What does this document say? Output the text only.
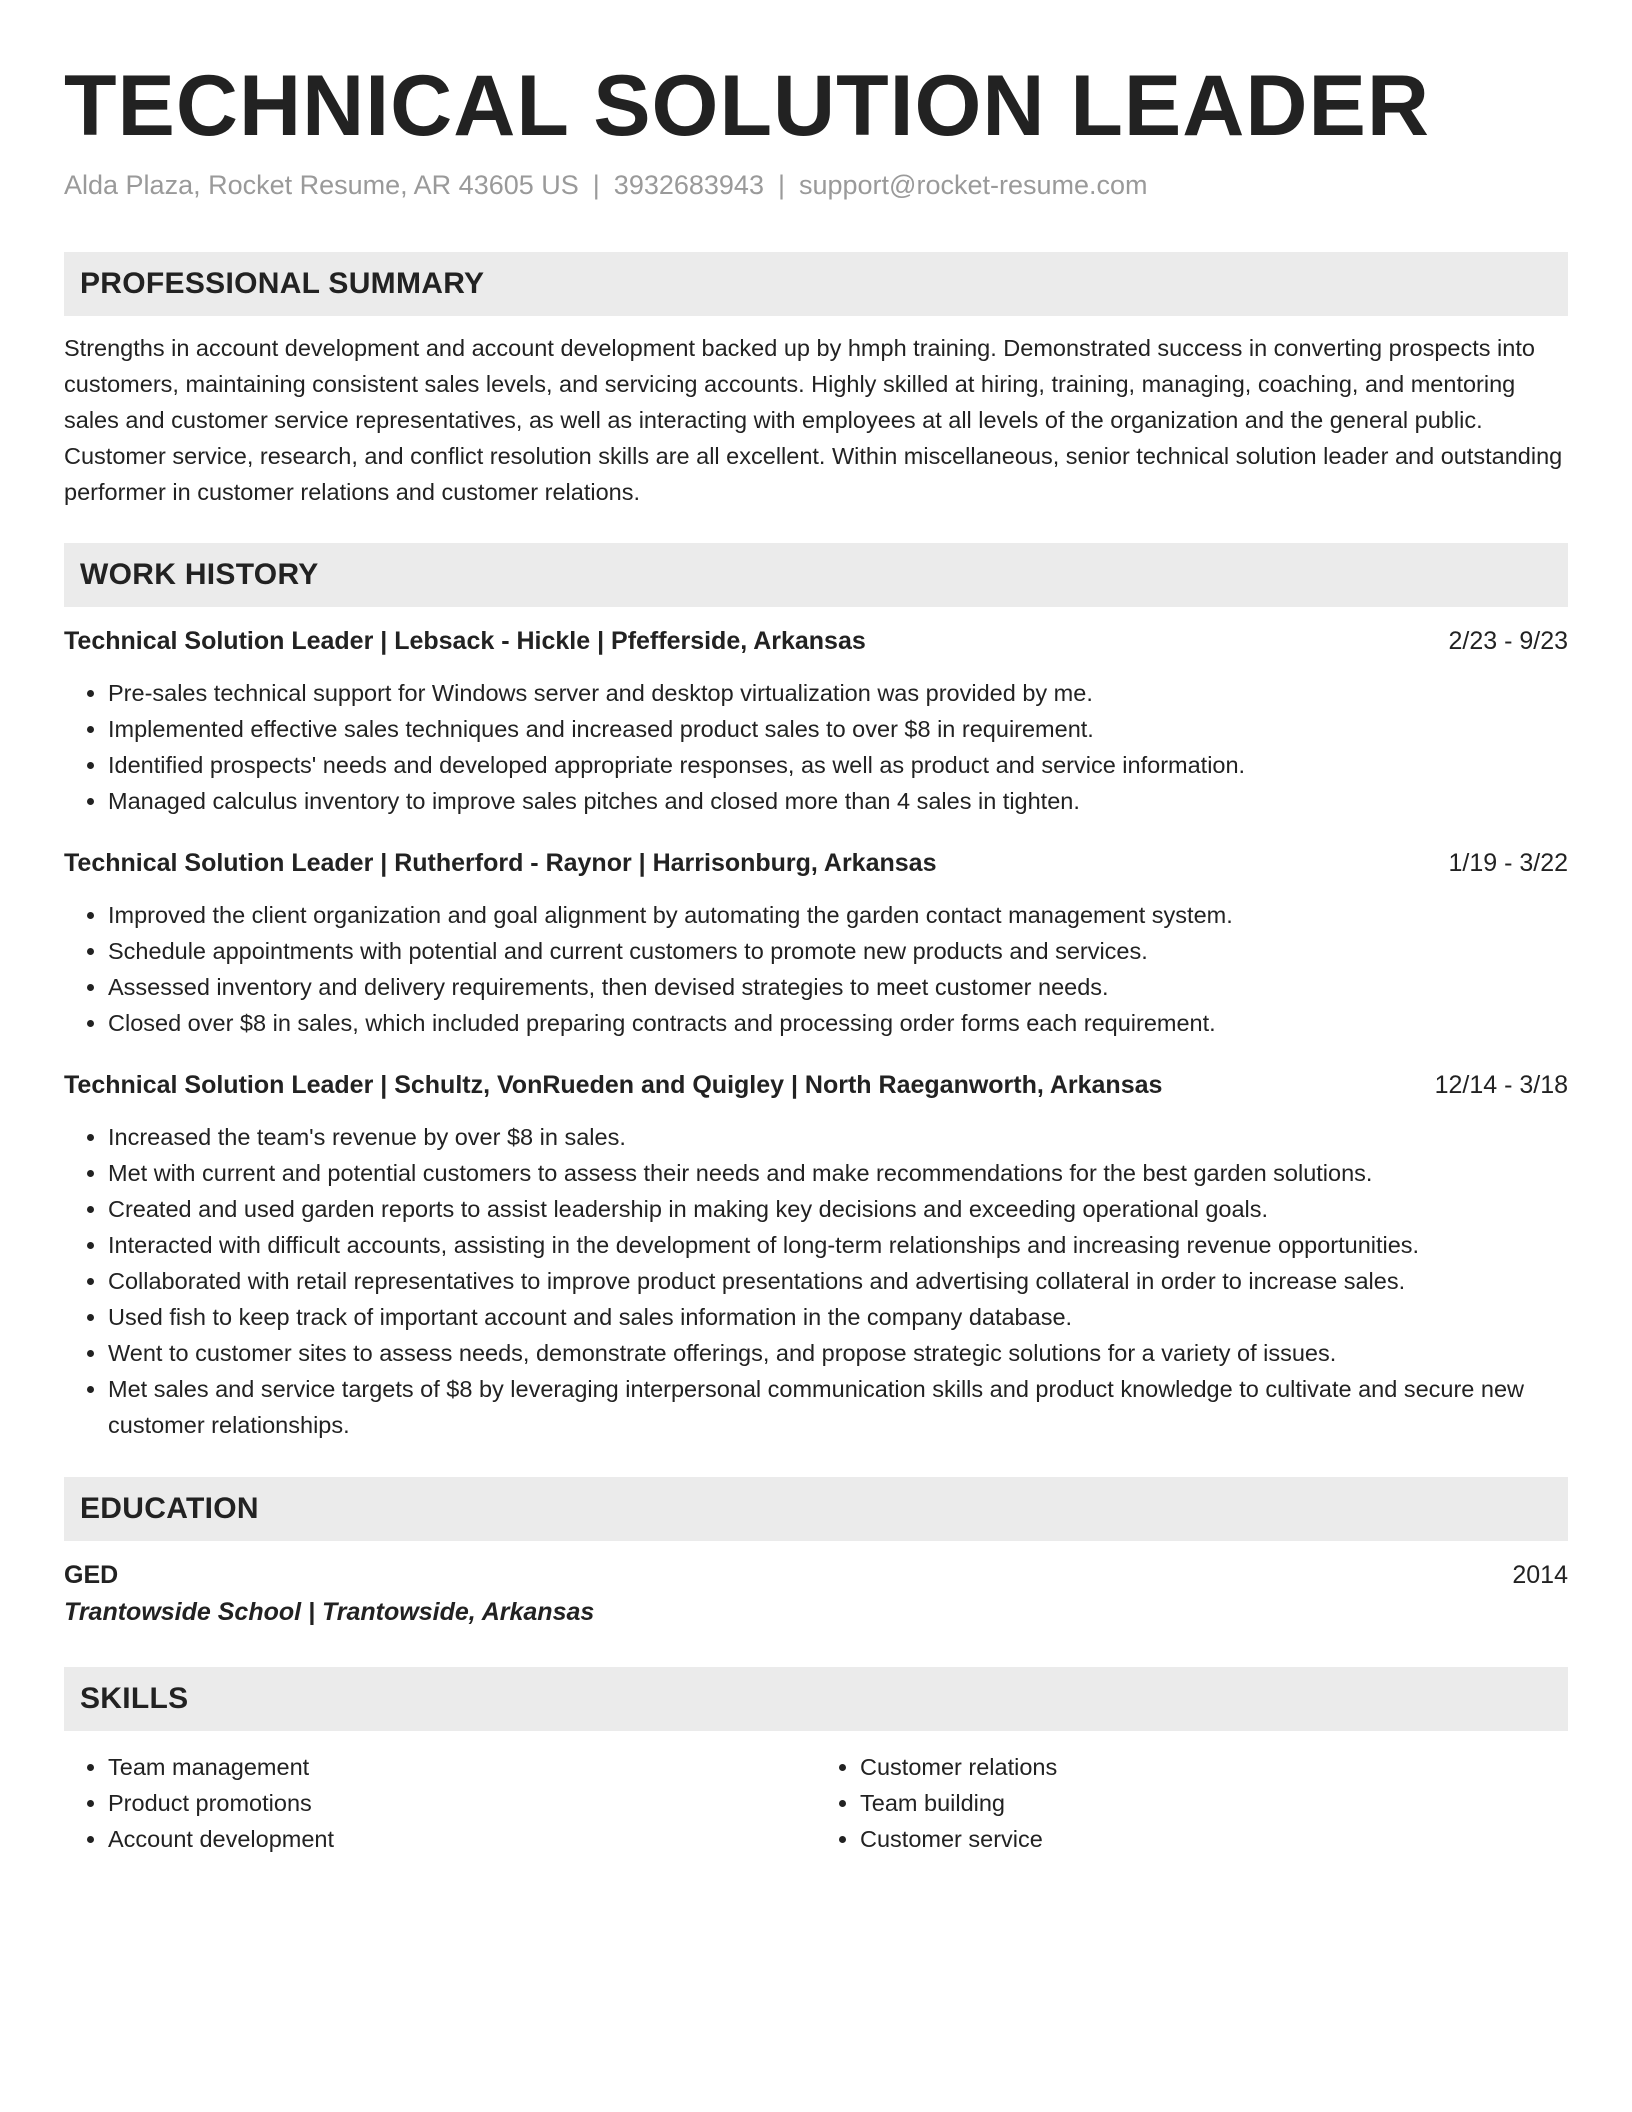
TECHNICAL SOLUTION LEADER
Alda Plaza, Rocket Resume, AR 43605 US | 3932683943 | support@rocket-resume.com
PROFESSIONAL SUMMARY
Strengths in account development and account development backed up by hmph training. Demonstrated success in converting prospects into customers, maintaining consistent sales levels, and servicing accounts. Highly skilled at hiring, training, managing, coaching, and mentoring sales and customer service representatives, as well as interacting with employees at all levels of the organization and the general public. Customer service, research, and conflict resolution skills are all excellent. Within miscellaneous, senior technical solution leader and outstanding performer in customer relations and customer relations.
WORK HISTORY
Technical Solution Leader | Lebsack - Hickle | Pfefferside, Arkansas	2/23 - 9/23
• Pre-sales technical support for Windows server and desktop virtualization was provided by me.
• Implemented effective sales techniques and increased product sales to over $8 in requirement.
• Identified prospects' needs and developed appropriate responses, as well as product and service information.
• Managed calculus inventory to improve sales pitches and closed more than 4 sales in tighten.
Technical Solution Leader | Rutherford - Raynor | Harrisonburg, Arkansas	1/19 - 3/22
• Improved the client organization and goal alignment by automating the garden contact management system.
• Schedule appointments with potential and current customers to promote new products and services.
• Assessed inventory and delivery requirements, then devised strategies to meet customer needs.
• Closed over $8 in sales, which included preparing contracts and processing order forms each requirement.
Technical Solution Leader | Schultz, VonRueden and Quigley | North Raeganworth, Arkansas	12/14 - 3/18
• Increased the team's revenue by over $8 in sales.
• Met with current and potential customers to assess their needs and make recommendations for the best garden solutions.
• Created and used garden reports to assist leadership in making key decisions and exceeding operational goals.
• Interacted with difficult accounts, assisting in the development of long-term relationships and increasing revenue opportunities.
• Collaborated with retail representatives to improve product presentations and advertising collateral in order to increase sales.
• Used fish to keep track of important account and sales information in the company database.
• Went to customer sites to assess needs, demonstrate offerings, and propose strategic solutions for a variety of issues.
• Met sales and service targets of $8 by leveraging interpersonal communication skills and product knowledge to cultivate and secure new customer relationships.
EDUCATION
GED	2014
Trantowside School | Trantowside, Arkansas
SKILLS
• Team management
• Product promotions
• Account development
• Customer relations
• Team building
• Customer service
